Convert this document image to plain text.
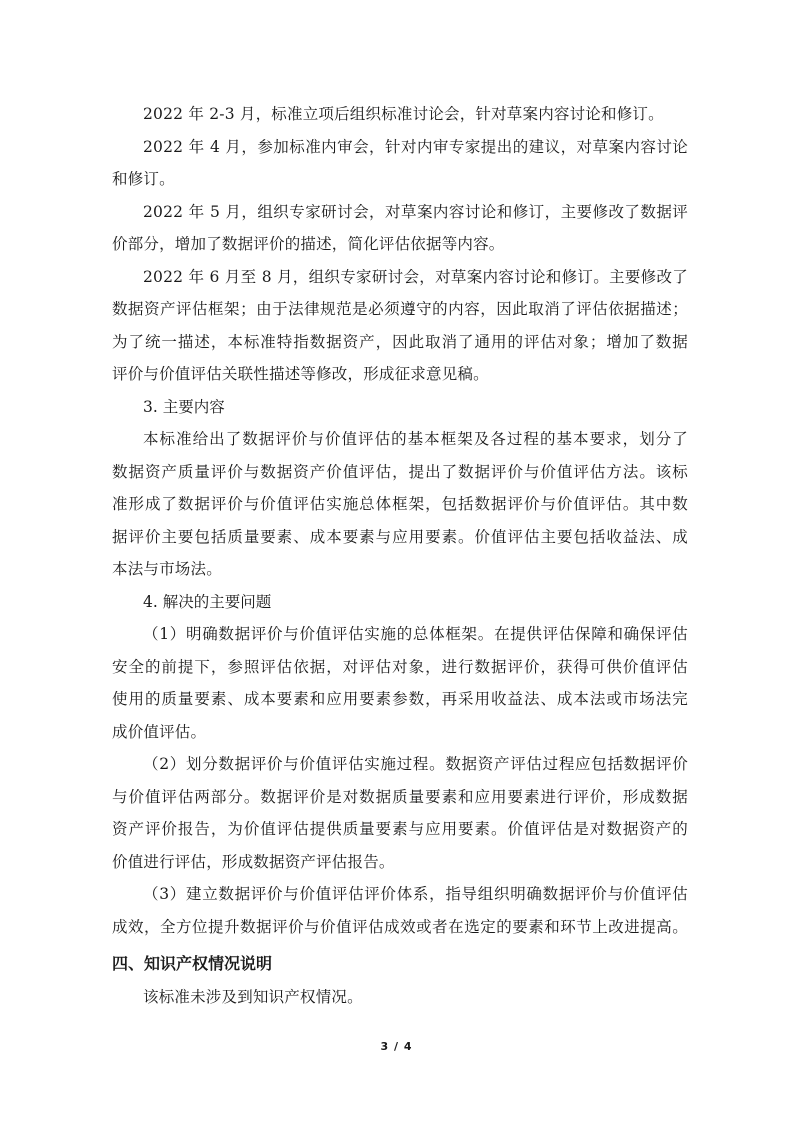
2022 年 2-3 月，标准立项后组织标准讨论会，针对草案内容讨论和修订。

2022 年 4 月，参加标准内审会，针对内审专家提出的建议，对草案内容讨论
和修订。

2022 年 5 月，组织专家研讨会，对草案内容讨论和修订，主要修改了数据评
价部分，增加了数据评价的描述，简化评估依据等内容。

2022 年 6 月至 8 月，组织专家研讨会，对草案内容讨论和修订。主要修改了
数据资产评估框架；由于法律规范是必须遵守的内容，因此取消了评估依据描述；
为了统一描述，本标准特指数据资产，因此取消了通用的评估对象；增加了数据
评价与价值评估关联性描述等修改，形成征求意见稿。

3. 主要内容

本标准给出了数据评价与价值评估的基本框架及各过程的基本要求，划分了
数据资产质量评价与数据资产价值评估，提出了数据评价与价值评估方法。该标
准形成了数据评价与价值评估实施总体框架，包括数据评价与价值评估。其中数
据评价主要包括质量要素、成本要素与应用要素。价值评估主要包括收益法、成
本法与市场法。

4. 解决的主要问题

（1）明确数据评价与价值评估实施的总体框架。在提供评估保障和确保评估
安全的前提下，参照评估依据，对评估对象，进行数据评价，获得可供价值评估
使用的质量要素、成本要素和应用要素参数，再采用收益法、成本法或市场法完
成价值评估。

（2）划分数据评价与价值评估实施过程。数据资产评估过程应包括数据评价
与价值评估两部分。数据评价是对数据质量要素和应用要素进行评价，形成数据
资产评价报告，为价值评估提供质量要素与应用要素。价值评估是对数据资产的
价值进行评估，形成数据资产评估报告。

（3）建立数据评价与价值评估评价体系，指导组织明确数据评价与价值评估
成效，全方位提升数据评价与价值评估成效或者在选定的要素和环节上改进提高。

四、知识产权情况说明

该标准未涉及到知识产权情况。

3 / 4
